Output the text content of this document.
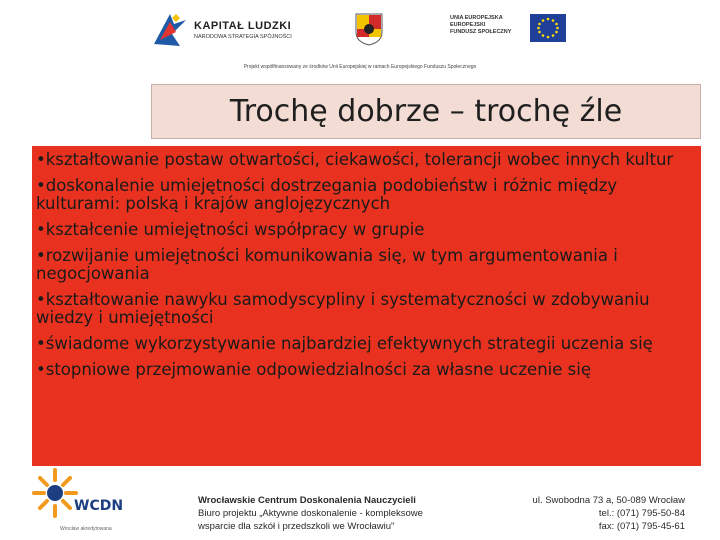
KAPITAŁ LUDZKI
NARODOWA STRATEGIA SPÓJNOŚCI
UNIA EUROPEJSKA
EUROPEJSKI
FUNDUSZ SPOŁECZNY
Projekt współfinansowany ze środków Unii Europejskiej w ramach Europejskiego Funduszu Społecznego
Trochę dobrze – trochę źle
•kształtowanie postaw otwartości, ciekawości, tolerancji wobec innych kultur
•doskonalenie umiejętności dostrzegania podobieństw i różnic między kulturami: polską i krajów anglojęzycznych
•kształcenie umiejętności współpracy w grupie
•rozwijanie umiejętności komunikowania się, w tym argumentowania i negocjowania
•kształtowanie nawyku samodyscypliny i systematyczności w zdobywaniu wiedzy i umiejętności
•świadome wykorzystywanie najbardziej efektywnych strategii uczenia się
•stopniowe przejmowanie odpowiedzialności za własne uczenie się
WCDN
Wrocław akredytowana
Wrocławskie Centrum Doskonalenia Nauczycieli
Biuro projektu „Aktywne doskonalenie - kompleksowe
wsparcie dla szkół i przedszkoli we Wrocławiu"
ul. Swobodna 73 a, 50-089 Wrocław
tel.: (071) 795-50-84
fax: (071) 795-45-61
